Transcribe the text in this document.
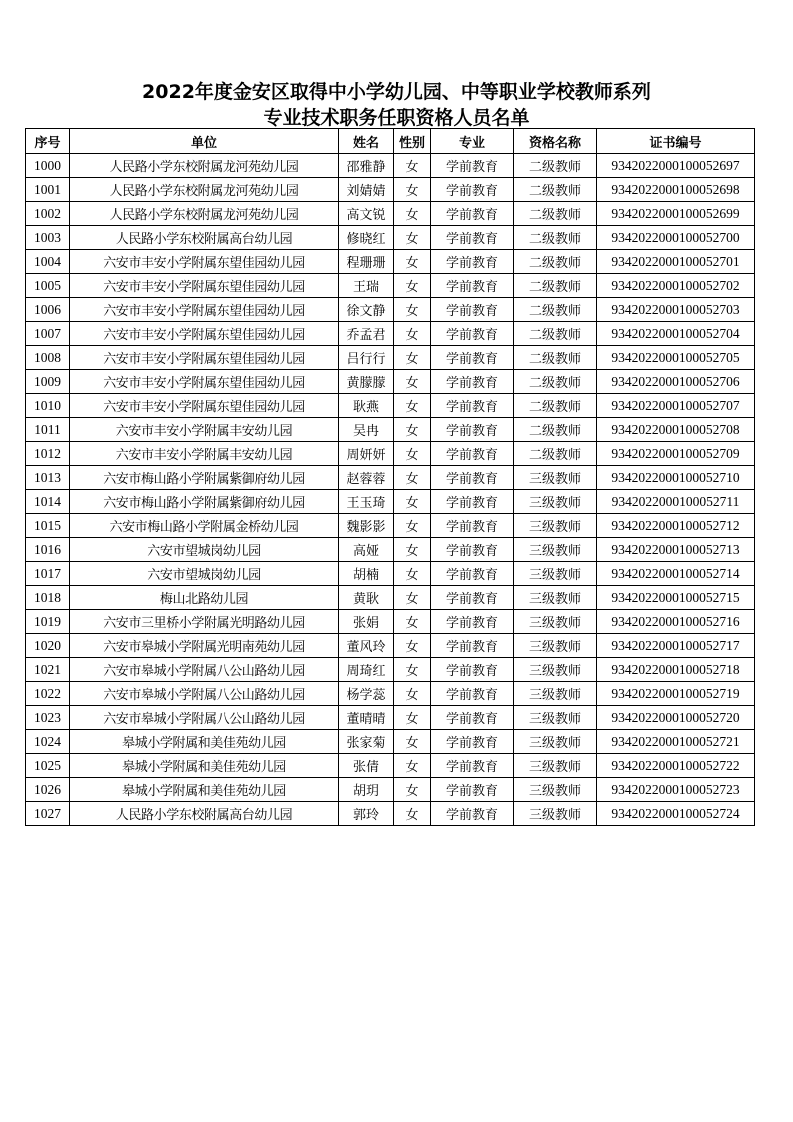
2022年度金安区取得中小学幼儿园、中等职业学校教师系列
专业技术职务任职资格人员名单
序号	单位	姓名	性别	专业	资格名称	证书编号
1000	人民路小学东校附属龙河苑幼儿园	邵雅静	女	学前教育	二级教师	9342022000100052697
1001	人民路小学东校附属龙河苑幼儿园	刘婧婧	女	学前教育	二级教师	9342022000100052698
1002	人民路小学东校附属龙河苑幼儿园	高文锐	女	学前教育	二级教师	9342022000100052699
1003	人民路小学东校附属高台幼儿园	修晓红	女	学前教育	二级教师	9342022000100052700
1004	六安市丰安小学附属东望佳园幼儿园	程珊珊	女	学前教育	二级教师	9342022000100052701
1005	六安市丰安小学附属东望佳园幼儿园	王瑞	女	学前教育	二级教师	9342022000100052702
1006	六安市丰安小学附属东望佳园幼儿园	徐文静	女	学前教育	二级教师	9342022000100052703
1007	六安市丰安小学附属东望佳园幼儿园	乔孟君	女	学前教育	二级教师	9342022000100052704
1008	六安市丰安小学附属东望佳园幼儿园	吕行行	女	学前教育	二级教师	9342022000100052705
1009	六安市丰安小学附属东望佳园幼儿园	黄朦朦	女	学前教育	二级教师	9342022000100052706
1010	六安市丰安小学附属东望佳园幼儿园	耿燕	女	学前教育	二级教师	9342022000100052707
1011	六安市丰安小学附属丰安幼儿园	吴冉	女	学前教育	二级教师	9342022000100052708
1012	六安市丰安小学附属丰安幼儿园	周妍妍	女	学前教育	二级教师	9342022000100052709
1013	六安市梅山路小学附属紫御府幼儿园	赵蓉蓉	女	学前教育	三级教师	9342022000100052710
1014	六安市梅山路小学附属紫御府幼儿园	王玉琦	女	学前教育	三级教师	9342022000100052711
1015	六安市梅山路小学附属金桥幼儿园	魏影影	女	学前教育	三级教师	9342022000100052712
1016	六安市望城岗幼儿园	高娅	女	学前教育	三级教师	9342022000100052713
1017	六安市望城岗幼儿园	胡楠	女	学前教育	三级教师	9342022000100052714
1018	梅山北路幼儿园	黄耿	女	学前教育	三级教师	9342022000100052715
1019	六安市三里桥小学附属光明路幼儿园	张娟	女	学前教育	三级教师	9342022000100052716
1020	六安市皋城小学附属光明南苑幼儿园	董风玲	女	学前教育	三级教师	9342022000100052717
1021	六安市皋城小学附属八公山路幼儿园	周琦红	女	学前教育	三级教师	9342022000100052718
1022	六安市皋城小学附属八公山路幼儿园	杨学蕊	女	学前教育	三级教师	9342022000100052719
1023	六安市皋城小学附属八公山路幼儿园	董晴晴	女	学前教育	三级教师	9342022000100052720
1024	皋城小学附属和美佳苑幼儿园	张家菊	女	学前教育	三级教师	9342022000100052721
1025	皋城小学附属和美佳苑幼儿园	张倩	女	学前教育	三级教师	9342022000100052722
1026	皋城小学附属和美佳苑幼儿园	胡玥	女	学前教育	三级教师	9342022000100052723
1027	人民路小学东校附属高台幼儿园	郭玲	女	学前教育	三级教师	9342022000100052724
